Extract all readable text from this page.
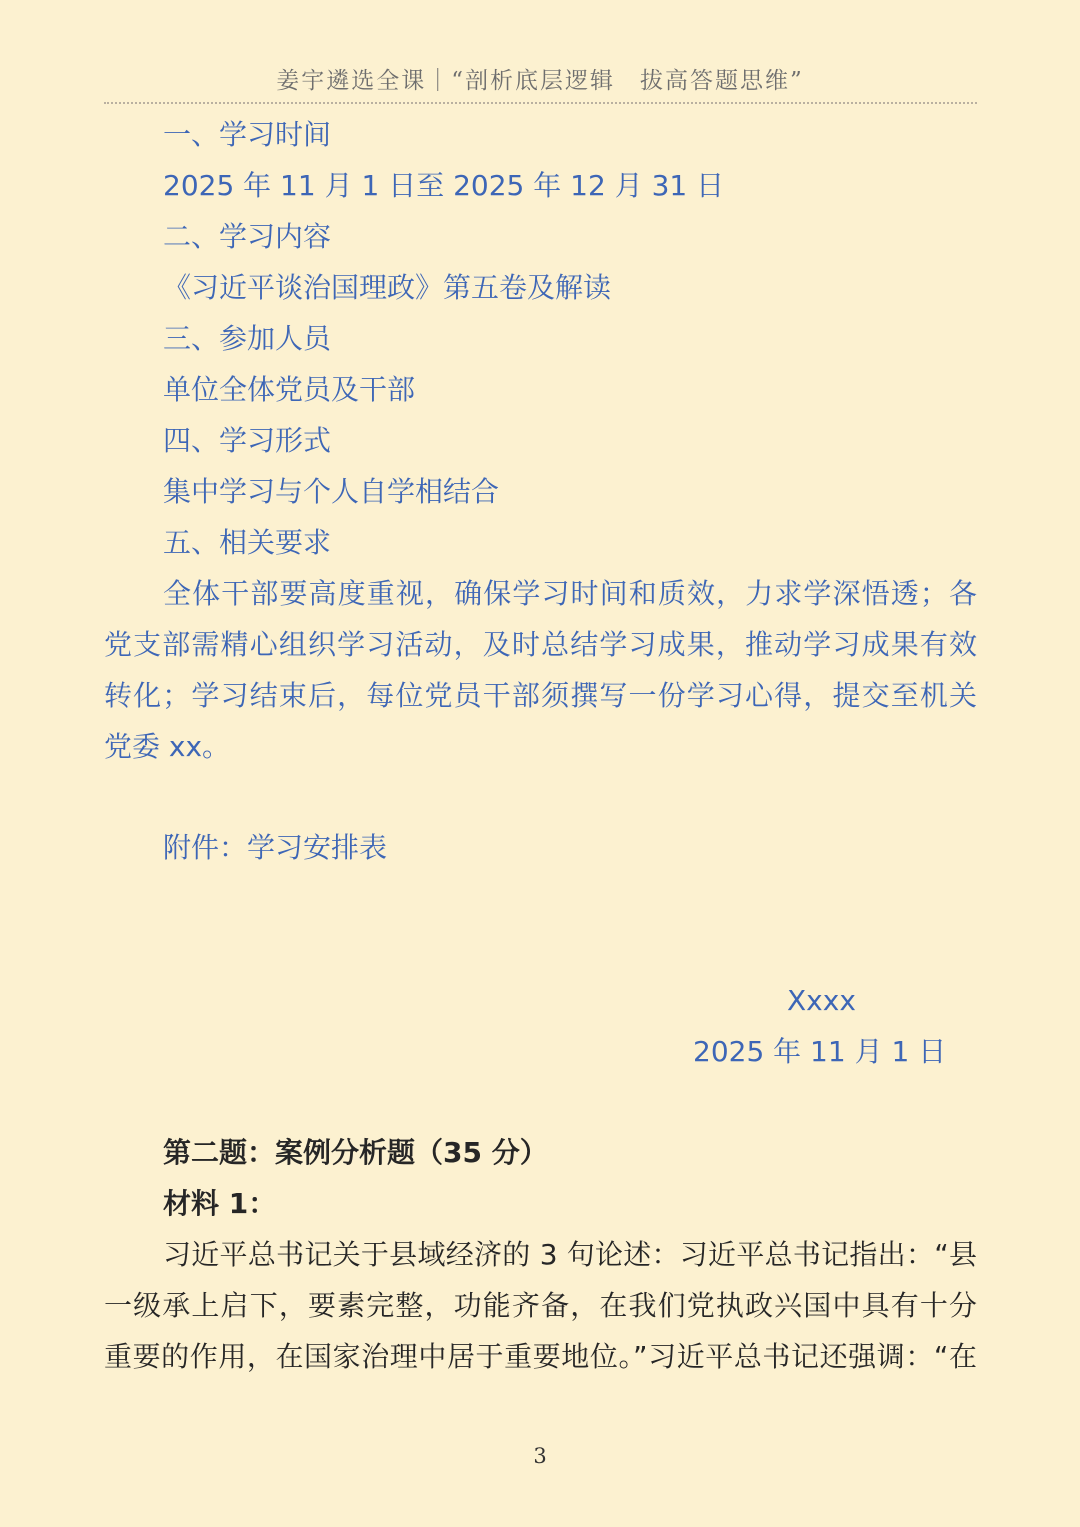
姜宇遴选全课｜“剖析底层逻辑　拔高答题思维”
一、学习时间
2025 年 11 月 1 日至 2025 年 12 月 31 日
二、学习内容
《习近平谈治国理政》第五卷及解读
三、参加人员
单位全体党员及干部
四、学习形式
集中学习与个人自学相结合
五、相关要求
全体干部要高度重视，确保学习时间和质效，力求学深悟透；各
党支部需精心组织学习活动，及时总结学习成果，推动学习成果有效
转化；学习结束后，每位党员干部须撰写一份学习心得，提交至机关
党委 xx。
附件：学习安排表
Xxxx
2025 年 11 月 1 日
第二题：案例分析题（35 分）
材料 1：
习近平总书记关于县域经济的 3 句论述：习近平总书记指出：“县
一级承上启下，要素完整，功能齐备，在我们党执政兴国中具有十分
重要的作用，在国家治理中居于重要地位。”习近平总书记还强调：“在
3
